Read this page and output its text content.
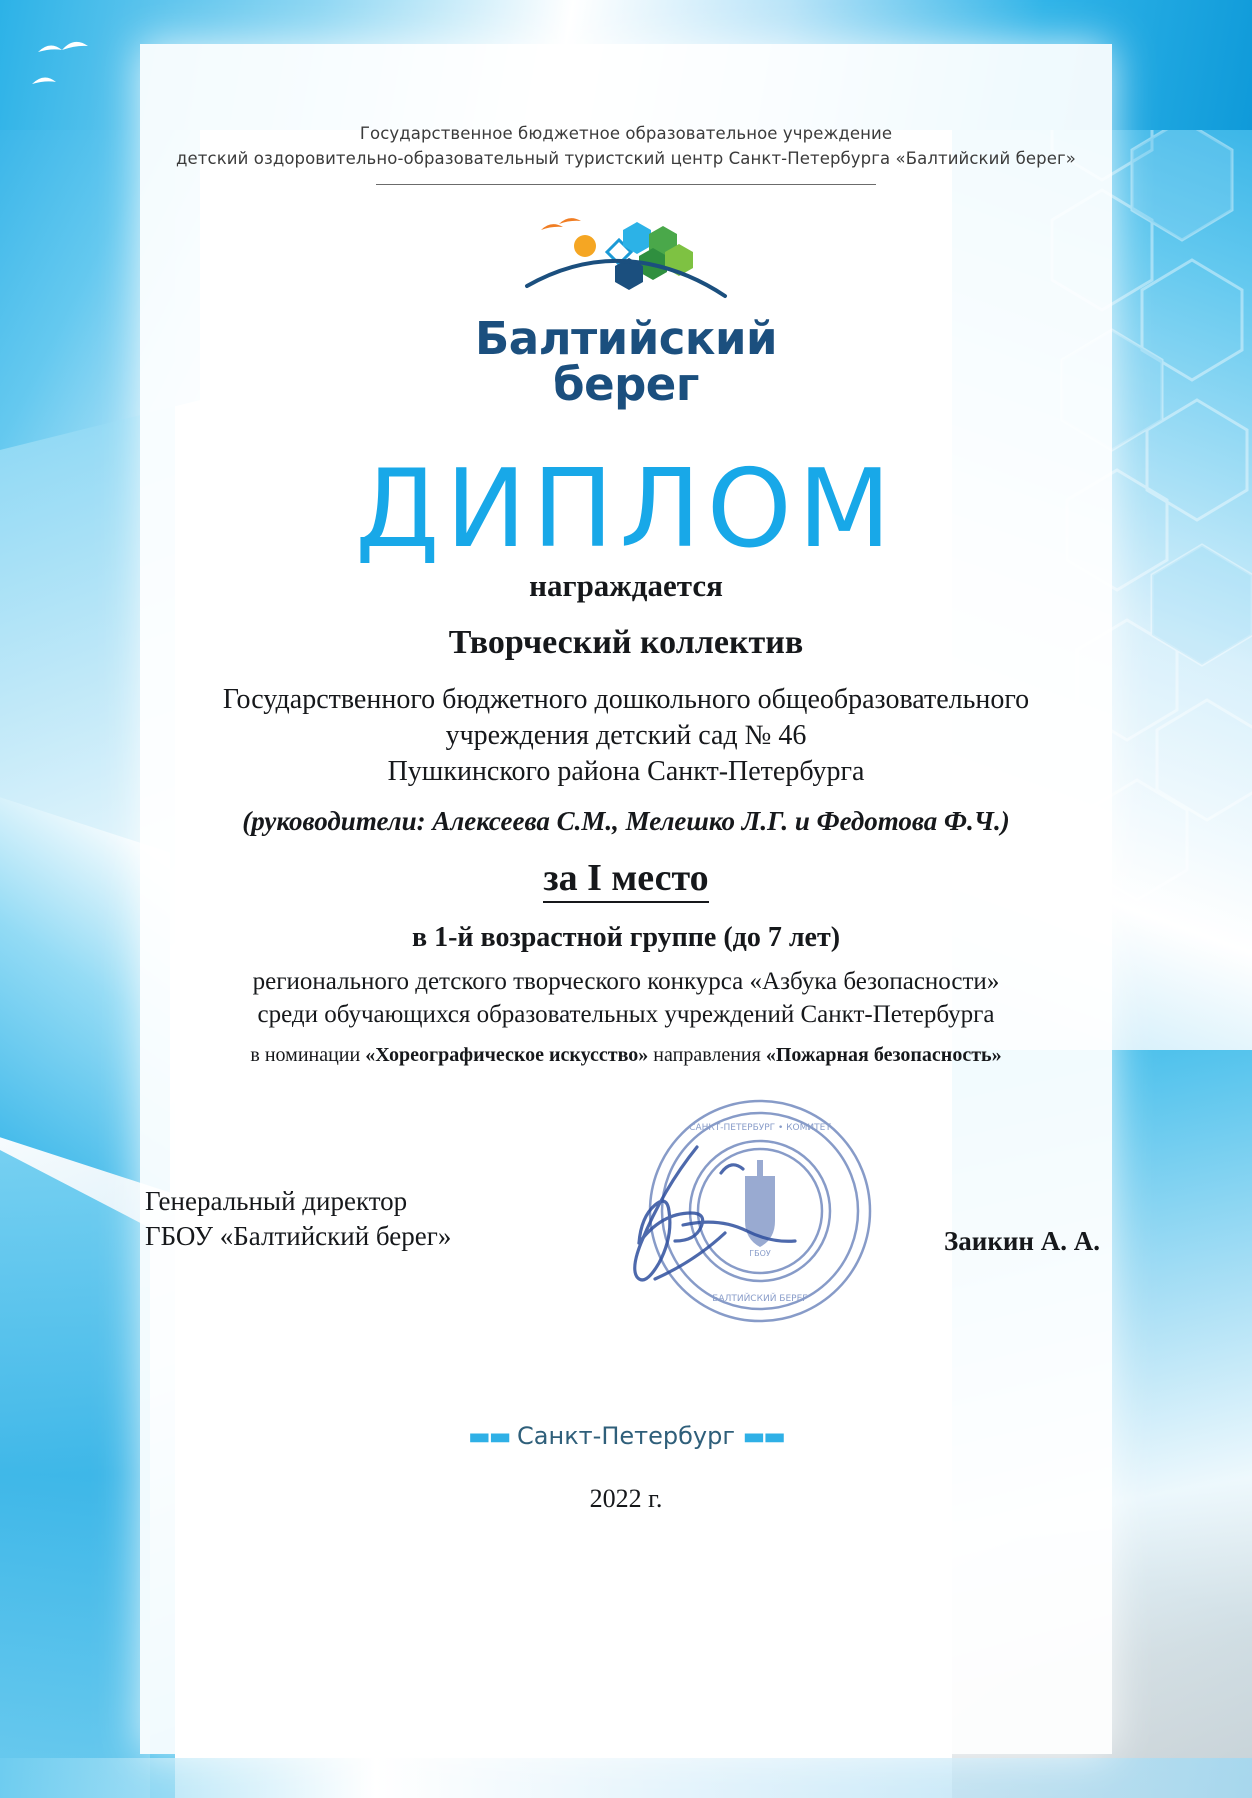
Государственное бюджетное образовательное учреждение
детский оздоровительно-образовательный туристский центр Санкт-Петербурга «Балтийский берег»
Балтийский
берег
ДИПЛОМ
награждается
Творческий коллектив
Государственного бюджетного дошкольного общеобразовательного
учреждения детский сад № 46
Пушкинского района Санкт-Петербурга
(руководители: Алексеева С.М., Мелешко Л.Г. и Федотова Ф.Ч.)
за I место
в 1-й возрастной группе (до 7 лет)
регионального детского творческого конкурса «Азбука безопасности»
среди обучающихся образовательных учреждений Санкт-Петербурга
в номинации «Хореографическое искусство» направления «Пожарная безопасность»
Генеральный директор
ГБОУ «Балтийский берег»
САНКТ-ПЕТЕРБУРГ • КОМИТЕТ
БАЛТИЙСКИЙ БЕРЕГ
ГБОУ	Заикин А. А.
▬▬ Санкт-Петербург ▬▬
2022 г.
